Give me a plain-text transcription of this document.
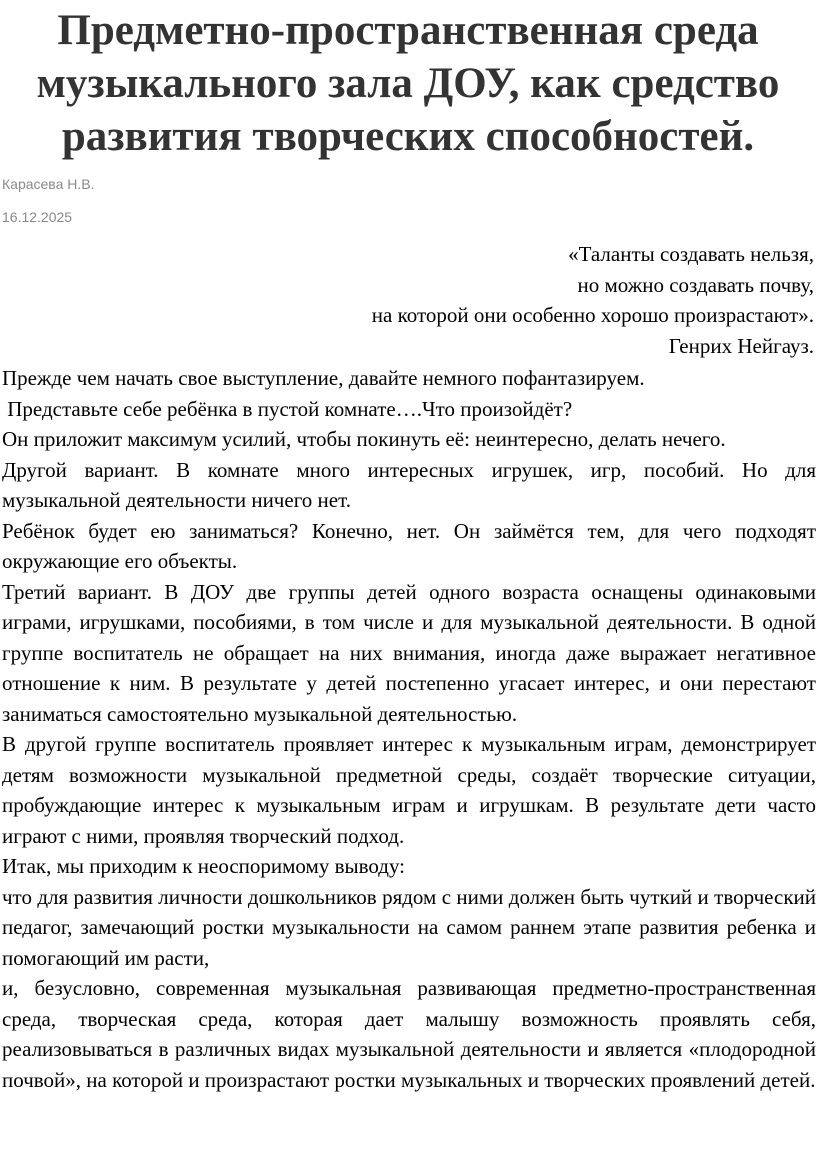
Предметно-пространственная среда
музыкального зала ДОУ, как средство
развития творческих способностей.
Карасева Н.В.
16.12.2025
«Таланты создавать нельзя,
но можно создавать почву,
на которой они особенно хорошо произрастают».
Генрих Нейгауз.

Прежде чем начать свое выступление, давайте немного пофантазируем.

Представьте себе ребёнка в пустой комнате….Что произойдёт?

Он приложит максимум усилий, чтобы покинуть её: неинтересно, делать нечего.

Другой вариант. В комнате много интересных игрушек, игр, пособий. Но для музыкальной деятельности ничего нет.

Ребёнок будет ею заниматься? Конечно, нет. Он займётся тем, для чего подходят окружающие его объекты.

Третий вариант. В ДОУ две группы детей одного возраста оснащены одинаковыми играми, игрушками, пособиями, в том числе и для музыкальной деятельности. В одной группе воспитатель не обращает на них внимания, иногда даже выражает негативное отношение к ним. В результате у детей постепенно угасает интерес, и они перестают заниматься самостоятельно музыкальной деятельностью.

В другой группе воспитатель проявляет интерес к музыкальным играм, демонстрирует детям возможности музыкальной предметной среды, создаёт творческие ситуации, пробуждающие интерес к музыкальным играм и игрушкам. В результате дети часто играют с ними, проявляя творческий подход.

Итак, мы приходим к неоспоримому выводу:

что для развития личности дошкольников рядом с ними должен быть чуткий и творческий педагог, замечающий ростки музыкальности на самом раннем этапе развития ребенка и помогающий им расти,

и, безусловно, современная музыкальная развивающая предметно-пространственная среда, творческая среда, которая дает малышу возможность проявлять себя, реализовываться в различных видах музыкальной деятельности и является «плодородной почвой», на которой и произрастают ростки музыкальных и творческих проявлений детей.
